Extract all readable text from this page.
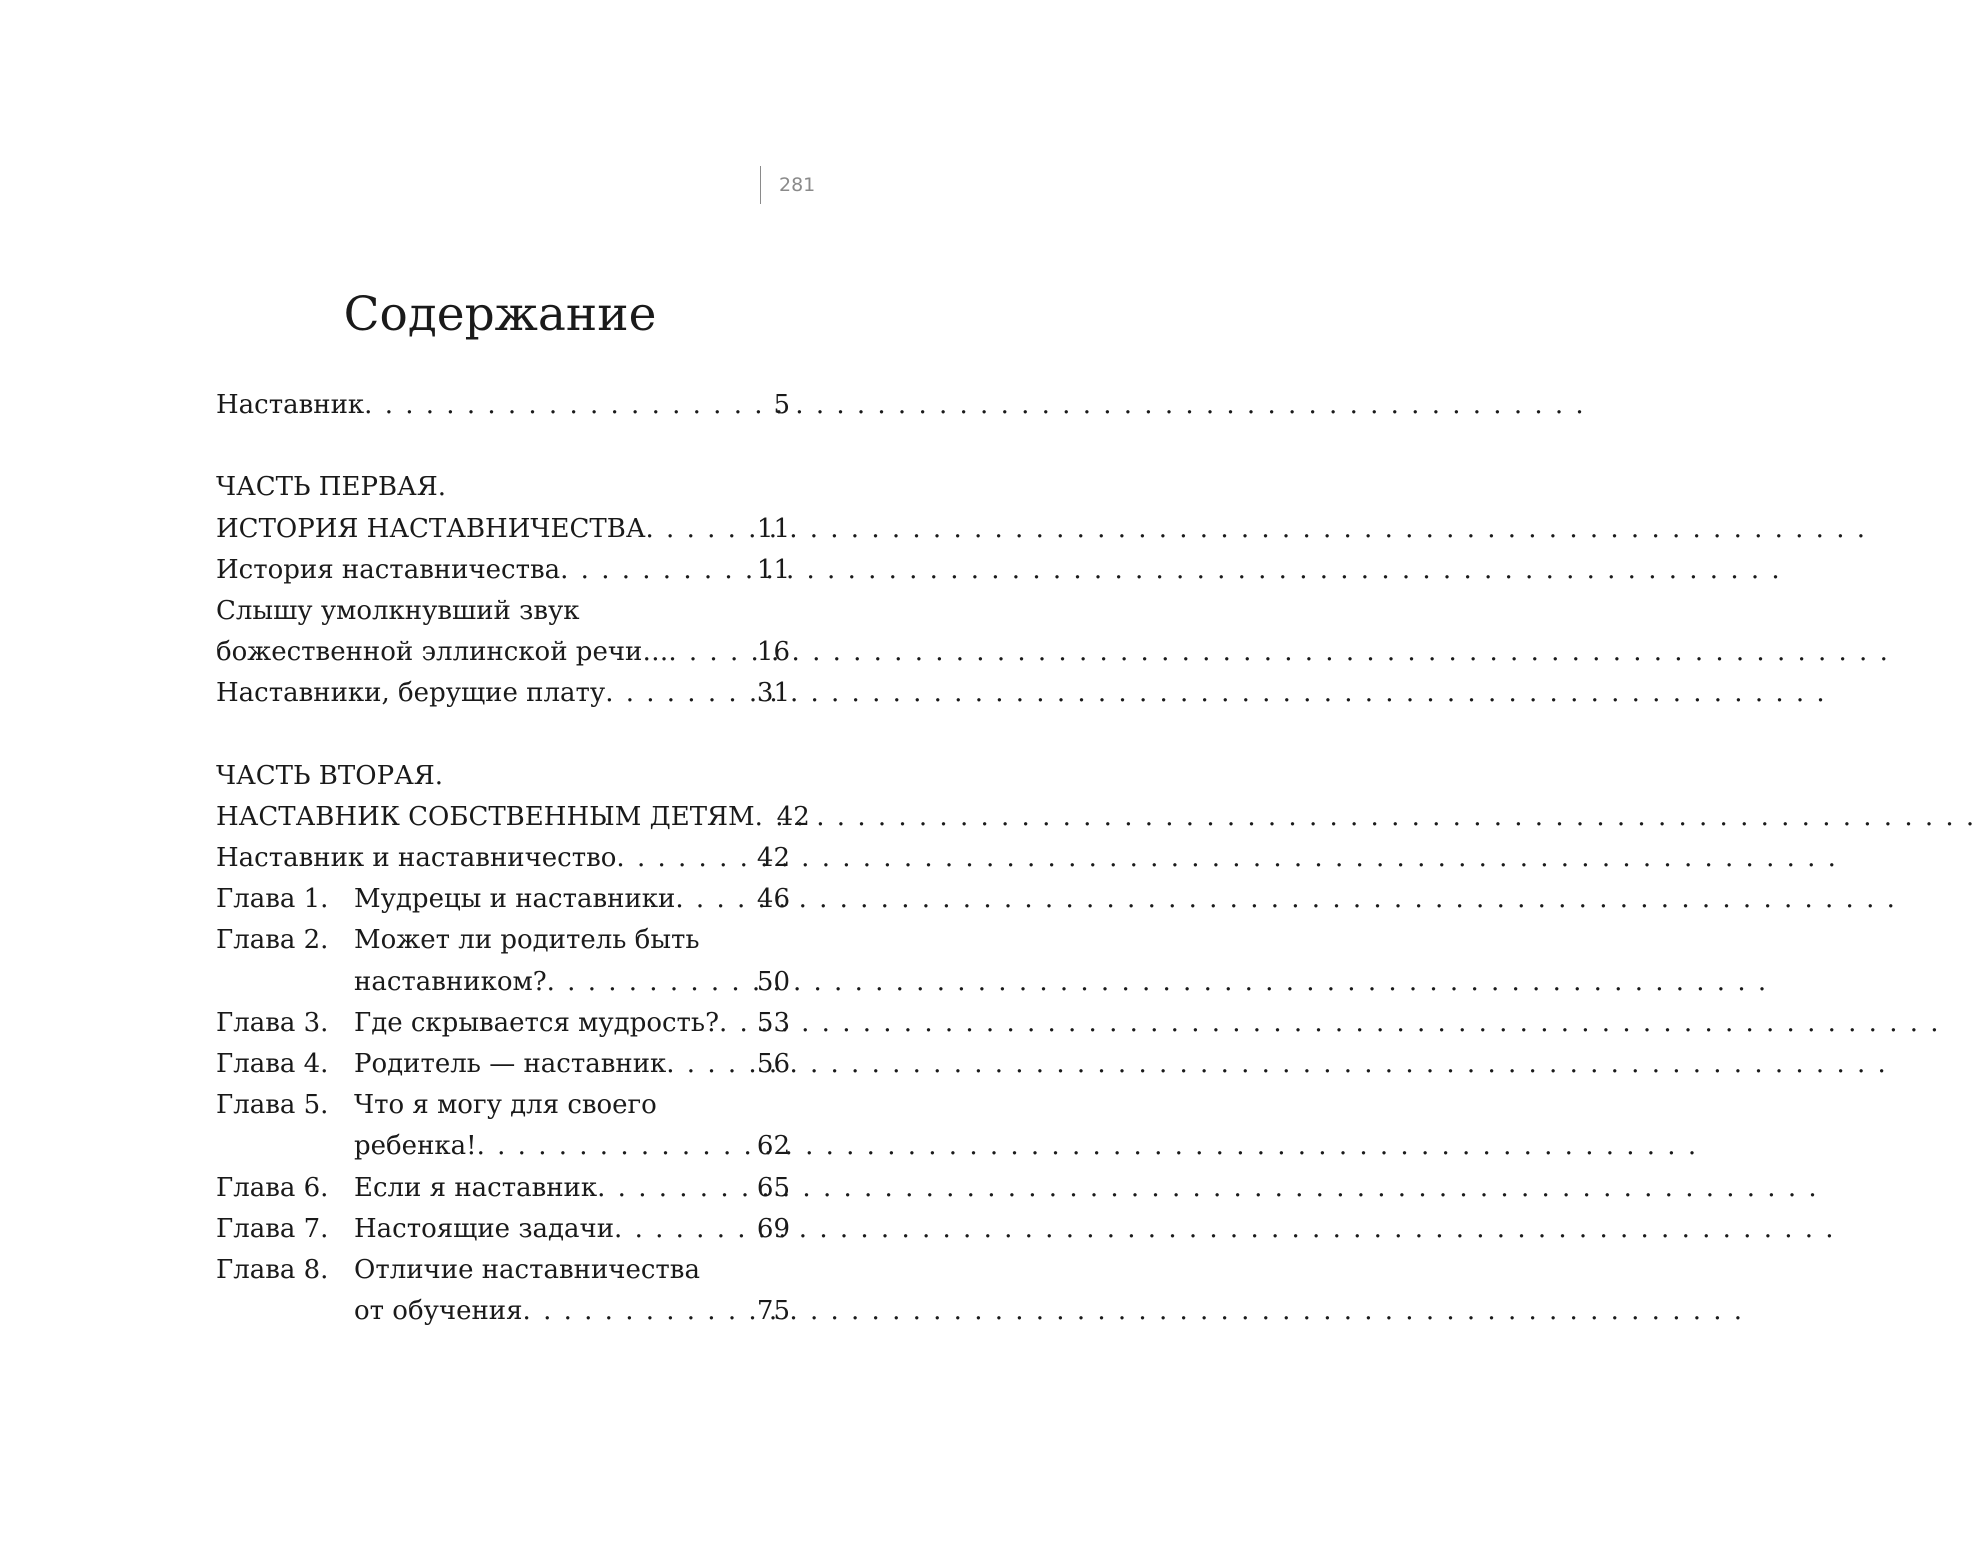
281
Содержание
Наставник . . .	5
ЧАСТЬ ПЕРВАЯ.
ИСТОРИЯ НАСТАВНИЧЕСТВА . . .	11
История наставничества . . .	11
Слышу умолкнувший звук
божественной эллинской речи… . . .	16
Наставники, берущие плату . . .	31
ЧАСТЬ ВТОРАЯ.
НАСТАВНИК СОБСТВЕННЫМ ДЕТЯМ . . . 42
Наставник и наставничество . . .	42
Глава 1. Мудрецы и наставники . . .	46
Глава 2. Может ли родитель быть
наставником? . . .	50
Глава 3. Где скрывается мудрость? . . . 53
Глава 4. Родитель — наставник . . .	56
Глава 5. Что я могу для своего
ребенка! . . .	62
Глава 6. Если я наставник . . .	65
Глава 7. Настоящие задачи . . .	69
Глава 8. Отличие наставничества
от обучения . . .	75
